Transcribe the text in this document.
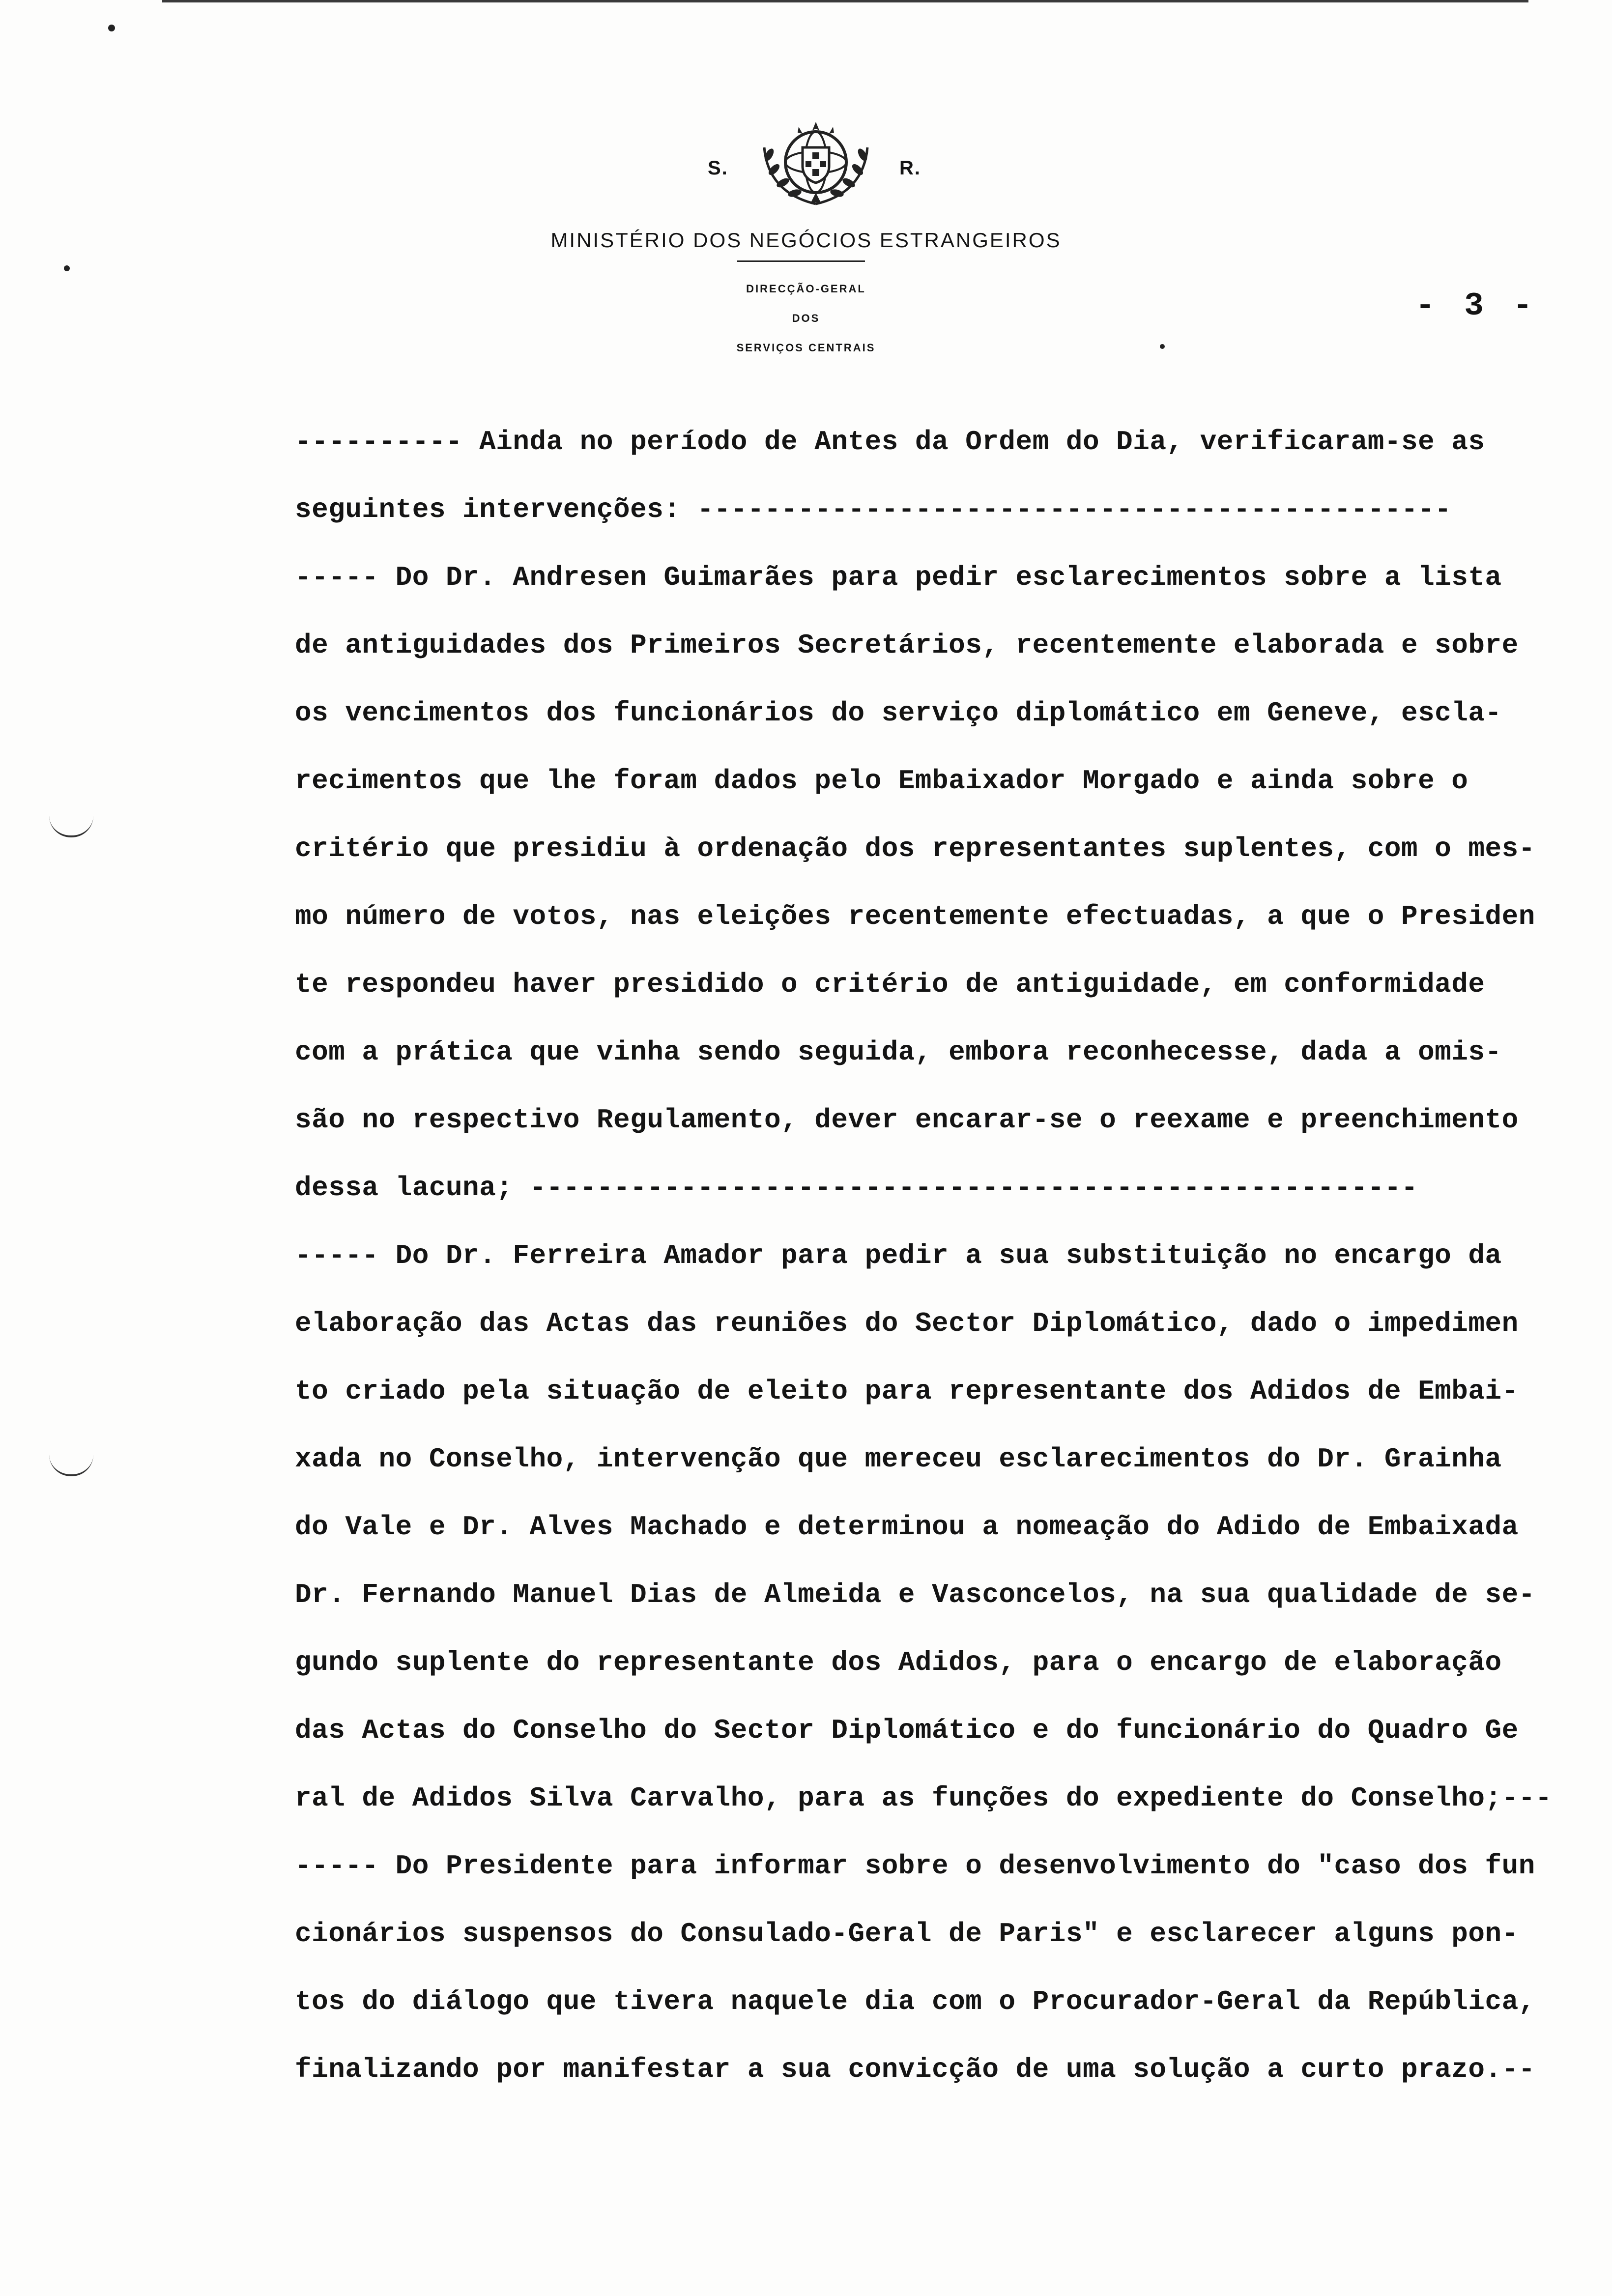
S.	R.
MINISTÉRIO DOS NEGÓCIOS ESTRANGEIROS
DIRECÇÃO-GERAL
DOS
SERVIÇOS CENTRAIS
- 3 -
---------- Ainda no período de Antes da Ordem do Dia, verificaram-se as
seguintes intervenções: ---------------------------------------------
----- Do Dr. Andresen Guimarães para pedir esclarecimentos sobre a lista
de antiguidades dos Primeiros Secretários, recentemente elaborada e sobre
os vencimentos dos funcionários do serviço diplomático em Geneve, escla-
recimentos que lhe foram dados pelo Embaixador Morgado e ainda sobre o
critério que presidiu à ordenação dos representantes suplentes, com o mes-
mo número de votos, nas eleições recentemente efectuadas, a que o Presiden
te respondeu haver presidido o critério de antiguidade, em conformidade
com a prática que vinha sendo seguida, embora reconhecesse, dada a omis-
são no respectivo Regulamento, dever encarar-se o reexame e preenchimento
dessa lacuna; -----------------------------------------------------
----- Do Dr. Ferreira Amador para pedir a sua substituição no encargo da
elaboração das Actas das reuniões do Sector Diplomático, dado o impedimen
to criado pela situação de eleito para representante dos Adidos de Embai-
xada no Conselho, intervenção que mereceu esclarecimentos do Dr. Grainha
do Vale e Dr. Alves Machado e determinou a nomeação do Adido de Embaixada
Dr. Fernando Manuel Dias de Almeida e Vasconcelos, na sua qualidade de se-
gundo suplente do representante dos Adidos, para o encargo de elaboração
das Actas do Conselho do Sector Diplomático e do funcionário do Quadro Ge
ral de Adidos Silva Carvalho, para as funções do expediente do Conselho;---
----- Do Presidente para informar sobre o desenvolvimento do "caso dos fun
cionários suspensos do Consulado-Geral de Paris" e esclarecer alguns pon-
tos do diálogo que tivera naquele dia com o Procurador-Geral da República,
finalizando por manifestar a sua convicção de uma solução a curto prazo.--
